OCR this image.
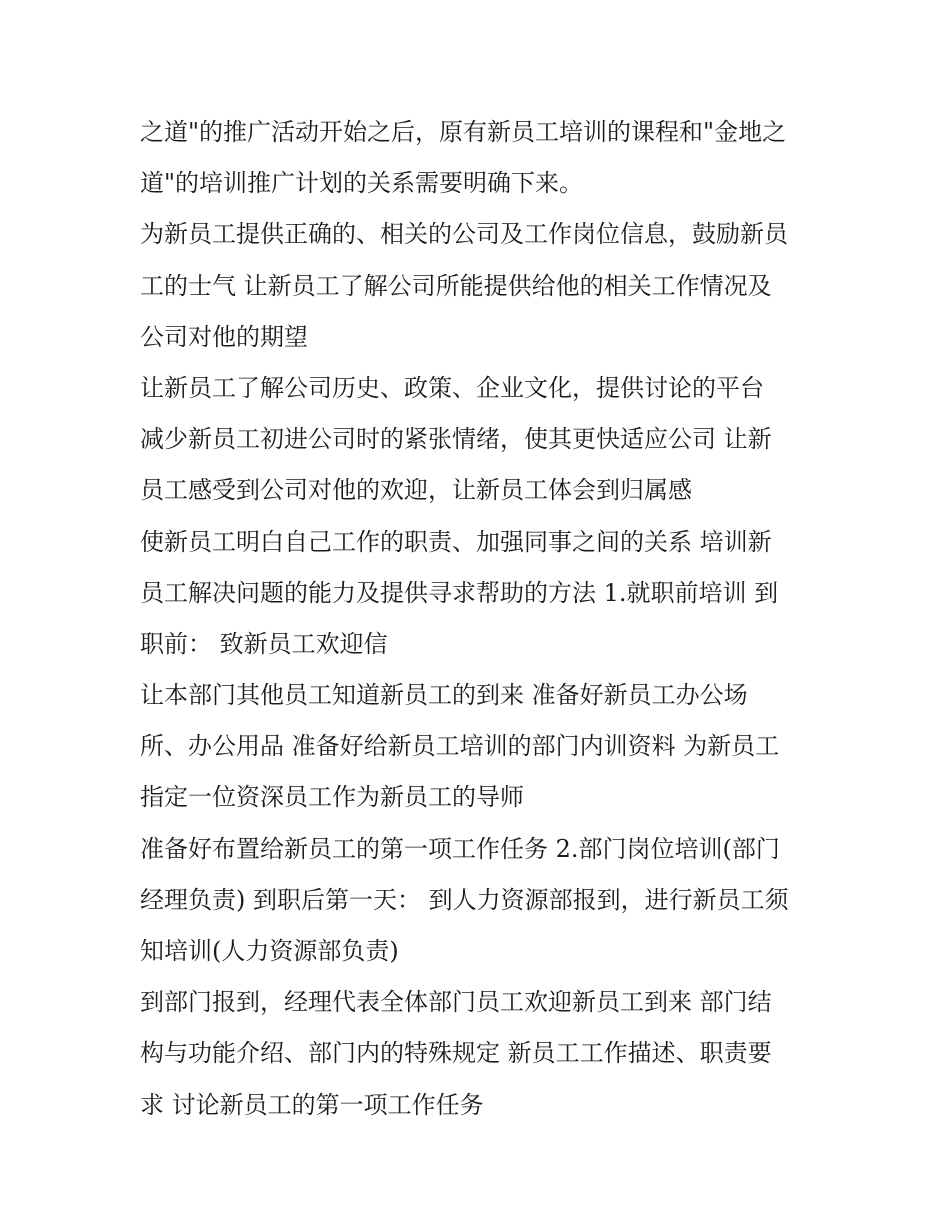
之道"的推广活动开始之后，原有新员工培训的课程和"金地之
道"的培训推广计划的关系需要明确下来。
为新员工提供正确的、相关的公司及工作岗位信息，鼓励新员
工的士气 让新员工了解公司所能提供给他的相关工作情况及
公司对他的期望
让新员工了解公司历史、政策、企业文化，提供讨论的平台
减少新员工初进公司时的紧张情绪，使其更快适应公司 让新
员工感受到公司对他的欢迎，让新员工体会到归属感
使新员工明白自己工作的职责、加强同事之间的关系 培训新
员工解决问题的能力及提供寻求帮助的方法 1.就职前培训 到
职前： 致新员工欢迎信
让本部门其他员工知道新员工的到来 准备好新员工办公场
所、办公用品 准备好给新员工培训的部门内训资料 为新员工
指定一位资深员工作为新员工的导师
准备好布置给新员工的第一项工作任务 2.部门岗位培训(部门
经理负责) 到职后第一天： 到人力资源部报到，进行新员工须
知培训(人力资源部负责)
到部门报到，经理代表全体部门员工欢迎新员工到来 部门结
构与功能介绍、部门内的特殊规定 新员工工作描述、职责要
求 讨论新员工的第一项工作任务
